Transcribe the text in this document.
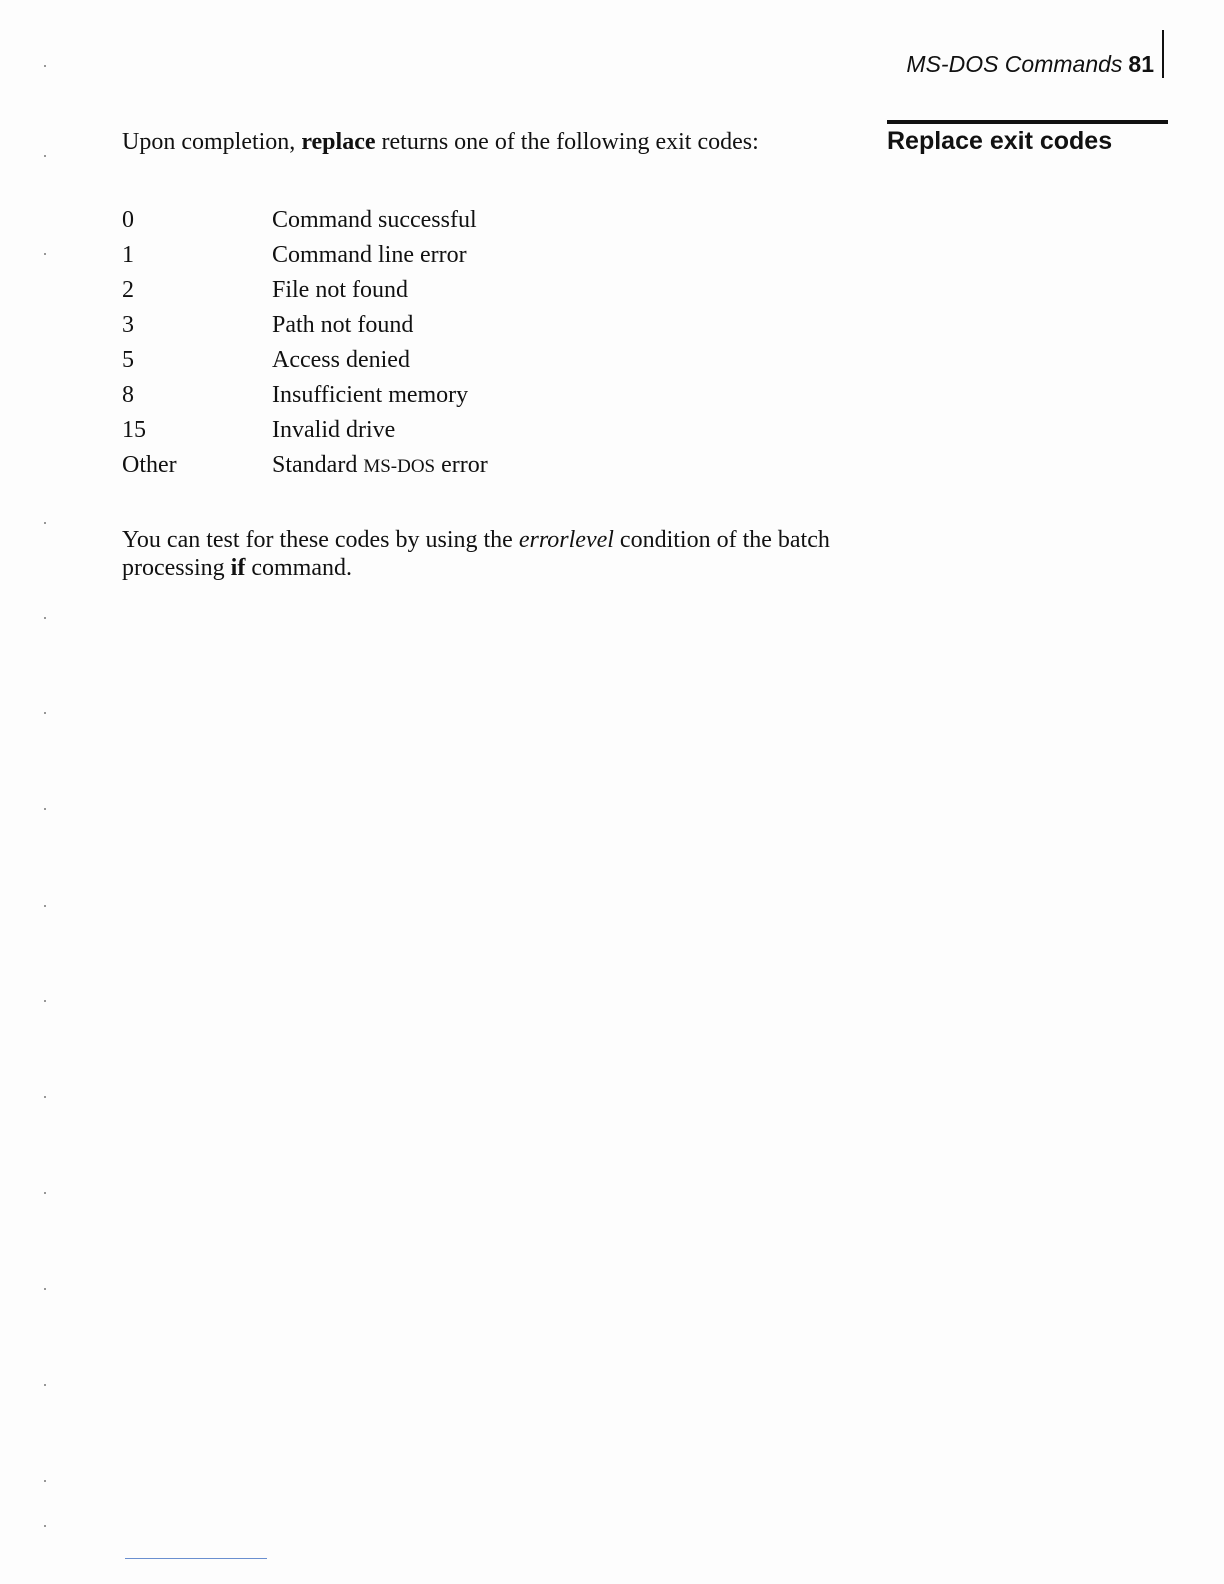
MS-DOS Commands 81
Replace exit codes

Upon completion, replace returns one of the following exit codes:

0	Command successful
1	Command line error
2	File not found
3	Path not found
5	Access denied
8	Insufficient memory
15	Invalid drive
Other	Standard MS-DOS error

You can test for these codes by using the errorlevel condition of the batch processing if command.
